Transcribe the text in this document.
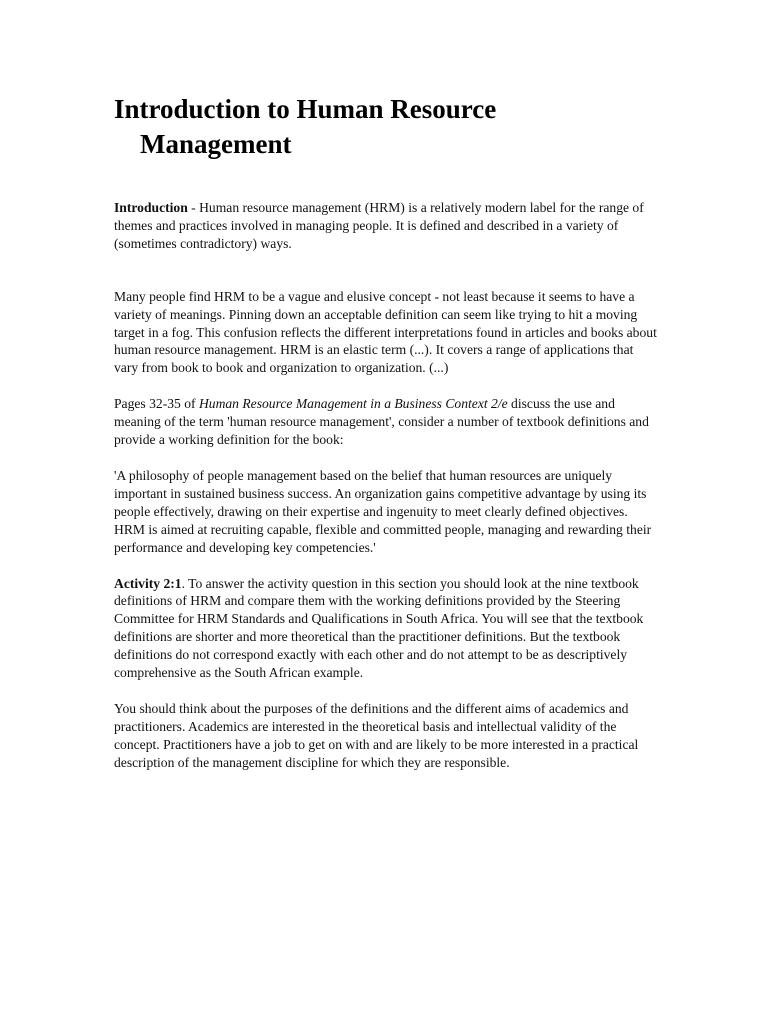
Introduction to Human Resource
Management

Introduction - Human resource management (HRM) is a relatively modern label for the range of themes and practices involved in managing people. It is defined and described in a variety of (sometimes contradictory) ways.

Many people find HRM to be a vague and elusive concept - not least because it seems to have a variety of meanings. Pinning down an acceptable definition can seem like trying to hit a moving target in a fog. This confusion reflects the different interpretations found in articles and books about human resource management. HRM is an elastic term (...). It covers a range of applications that vary from book to book and organization to organization. (...)

Pages 32-35 of Human Resource Management in a Business Context 2/e discuss the use and meaning of the term 'human resource management', consider a number of textbook definitions and provide a working definition for the book:

'A philosophy of people management based on the belief that human resources are uniquely important in sustained business success. An organization gains competitive advantage by using its people effectively, drawing on their expertise and ingenuity to meet clearly defined objectives. HRM is aimed at recruiting capable, flexible and committed people, managing and rewarding their performance and developing key competencies.'

Activity 2:1. To answer the activity question in this section you should look at the nine textbook definitions of HRM and compare them with the working definitions provided by the Steering Committee for HRM Standards and Qualifications in South Africa. You will see that the textbook definitions are shorter and more theoretical than the practitioner definitions. But the textbook definitions do not correspond exactly with each other and do not attempt to be as descriptively comprehensive as the South African example.

You should think about the purposes of the definitions and the different aims of academics and practitioners. Academics are interested in the theoretical basis and intellectual validity of the concept. Practitioners have a job to get on with and are likely to be more interested in a practical description of the management discipline for which they are responsible.
